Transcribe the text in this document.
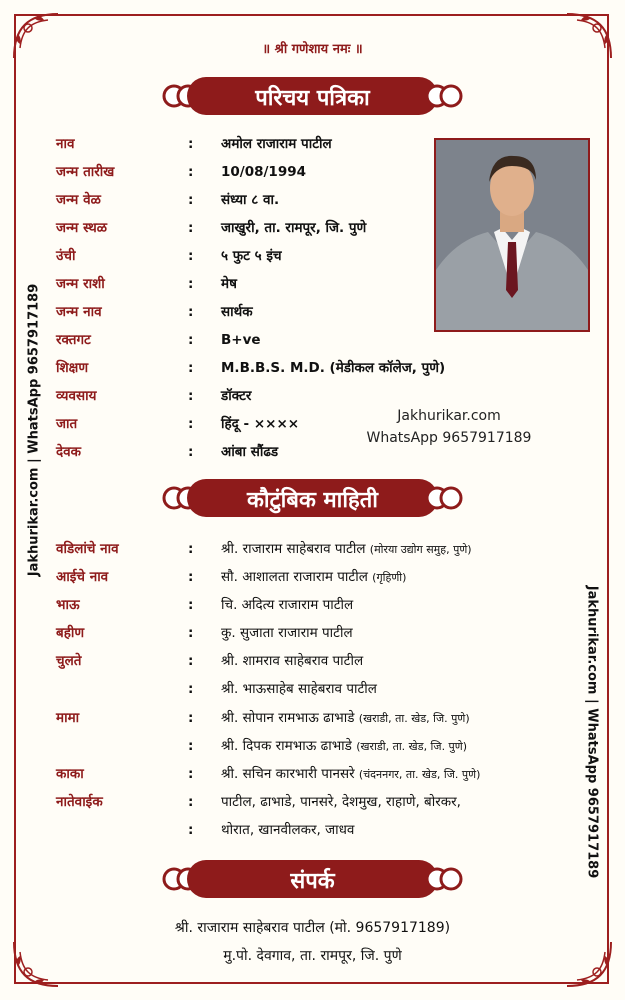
॥ श्री गणेशाय नमः ॥
परिचय पत्रिका
नाव	: अमोल राजाराम पाटील
जन्म तारीख	: 10/08/1994
जन्म वेळ	: संध्या ८ वा.
जन्म स्थळ	: जाखुरी, ता. रामपूर, जि. पुणे
उंची	: ५ फुट ५ इंच
जन्म राशी	: मेष
जन्म नाव	: सार्थक
रक्तगट	: B+ve
शिक्षण	: M.B.B.S. M.D. (मेडीकल कॉलेज, पुणे)
व्यवसाय	: डॉक्टर
जात	: हिंदू - ××××
देवक	: आंबा सौंढड
Jakhurikar.com
WhatsApp 9657917189
कौटुंबिक माहिती
वडिलांचे नाव	: श्री. राजाराम साहेबराव पाटील (मोरया उद्योग समुह, पुणे)
आईचे नाव	: सौ. आशालता राजाराम पाटील (गृहिणी)
भाऊ	: चि. अदित्य राजाराम पाटील
बहीण	: कु. सुजाता राजाराम पाटील
चुलते	: श्री. शामराव साहेबराव पाटील
: श्री. भाऊसाहेब साहेबराव पाटील
मामा	: श्री. सोपान रामभाऊ ढाभाडे (खराडी, ता. खेड, जि. पुणे)
: श्री. दिपक रामभाऊ ढाभाडे (खराडी, ता. खेड, जि. पुणे)
काका	: श्री. सचिन कारभारी पानसरे (चंदननगर, ता. खेड, जि. पुणे)
नातेवाईक	: पाटील, ढाभाडे, पानसरे, देशमुख, राहाणे, बोरकर,
: थोरात, खानवीलकर, जाधव
संपर्क
श्री. राजाराम साहेबराव पाटील (मो. 9657917189)
मु.पो. देवगाव, ता. रामपूर, जि. पुणे
Jakhurikar.com | WhatsApp 9657917189
Jakhurikar.com | WhatsApp 9657917189
